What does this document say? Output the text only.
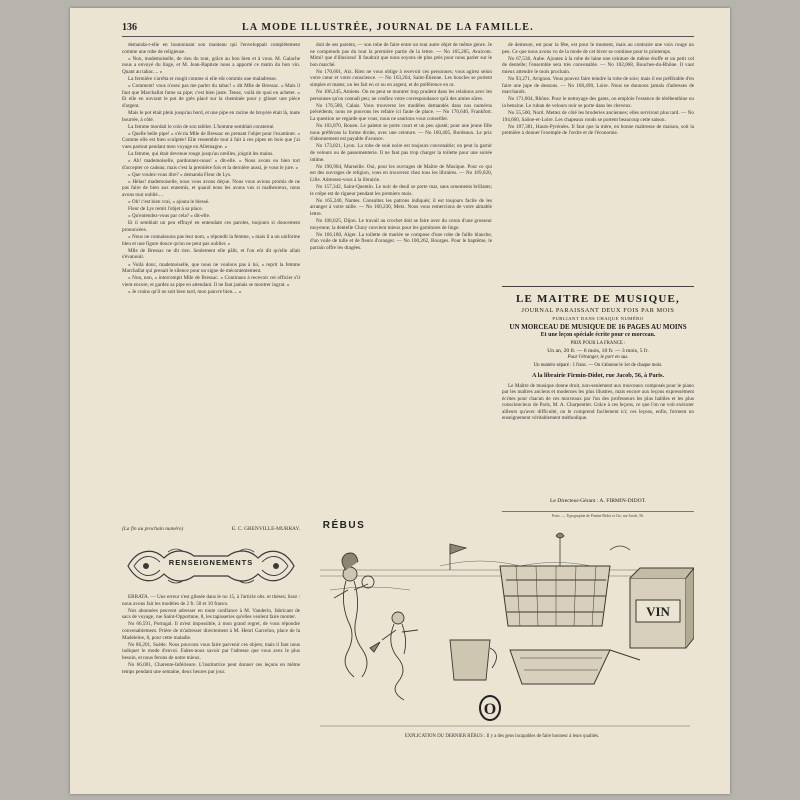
136	LA MODE ILLUSTRÉE, JOURNAL DE LA FAMILLE.

demanda-t-elle en boutonnant son manteau qui l'enveloppait complétement comme une robe de religieuse.

« Non, mademoiselle, de rien du tout, grâce au bon bien et à vous. M. Galache nous a envoyé du linge, et M. Jean-Baptiste nous a apporté ce matin du bon vin. Quant au tabac.... »

La fermière s'arrêta et rougit comme si elle eût commis une maladresse.

« Comment! vous n'osez pas me parler du tabac! » dit Mlle de Bressac. « Mais il faut que Marchallat fume sa pipe; c'est bien juste. Tenez, voilà de quoi en acheter. » Et elle en ouvrant le pot de grès placé sur la cheminée pour y glisser une pièce d'argent.

Mais le pot était plein jusqu'au bord, et une pipe en racine de bruyère était là, toute bourrée, à côté.

La femme mordait le coin de son tablier. L'homme semblait consterné.

« Quelle belle pipe! » s'écria Mlle de Bressac en prenant l'objet pour l'examiner. « Comme elle est bien sculptée! Elle ressemble tout à fait à ces pipes en bois que j'ai vues partout pendant mon voyage en Allemagne. »

La femme, qui était devenue rouge jusqu'au oreilles, joignit les mains.

« Ah! mademoiselle, pardonnez-nous! » dit-elle. « Nous avons eu bien tort d'accepter ce cadeau; mais c'est la première fois et la dernière aussi, je vous le jure. »

« Que voulez-vous dire? » demanda Fleur de Lys.

« Hélas! mademoiselle, nous vous avons déçue. Nous vous avions promis de ne pas faire de bien aux ennemis, et quand nous les avons vus si malheureux, nous avons tout oublié....

« Oh! c'est bien vrai, » ajouta le blessé.

Fleur de Lys remit l'objet à sa place.

« Qu'entendez-vous par cela? » dit-elle.

Et il semblait un peu effrayé en entendant ces paroles, toujours si doucement prononcées.

« Nous ne connaissons pas leur nom, » répondit la femme, « mais il a un uniforme bleu et une figure douce qu'on ne peut pas oublier. »

Mlle de Bressac ne dit rien. Seulement elle pâlit, et l'on eût dit qu'elle allait s'évanouir.

« Voilà donc, mademoiselle, que nous ne voulons pas à lui, » reprit la femme Marchallat qui prenait le silence pour un signe de mécontentement.

« Non, non, » interrompit Mlle de Bressac. « Continuez à recevoir cet officier s'il vient encore, et gardez sa pipe en attendant. Il ne faut jamais se montrer ingrat. »

« Je crains qu'il ne soit bien tard, mon pauvre bien.... »

(La fin au prochain numéro)	E. C. GRENVILLE-MURRAY.
RENSEIGNEMENTS

ERRATA. — Une erreur s'est glissée dans le no 15, à l'article obs. et thèses; lisez : nous avons fait les modèles de 2 fr. 50 et 10 francs.

Nos abonnées peuvent adresser en toute confiance à M. Vanderin, fabricant de sacs de voyage, rue Saint-Opportune, 8, les tapisseries qu'elles veulent faire monter.

No 66,591, Portugal. Il m'est impossible, à mon grand regret, de vous répondre convenablement. Prière de m'adresser directement à M. Henri Garcelon, place de la Madeleine, 8, pour cette maladie.

No 86,201, Suède. Nous pouvons vous faire parvenir ces objets; mais il faut nous indiquer le mode d'envoi. Faites-nous savoir par l'adresse que vous avez le plus besoin, et nous ferons de notre mieux.

No 66,001, Charente-Inférieure. L'institutrice peut donner ces leçons en même temps pendant une semaine, deux heures par jour.

doit de ses parents, — son robe de faire entre un tout autre objet de même genre. Je ne comprends pas du tout la première partie de la lettre. — No 165,205, Avaicom. Mimi! que d'illusions! Il faudrait que nous soyons de plus près pour nous parler sur le bon marché.

No 170,601, Aix. Rien ne vous oblige à recevoir ces personnes; vous agirez selon votre cœur et votre conscience. — No 163,204, Saint-Étienne. Les boucles se portent simples et mates; on les fait en or ou en argent, et de préférence en or.

No 106,245, Amiens. On ne peut se montrer trop prudent dans les relations avec les personnes qu'on connaît peu; ne confiez votre correspondance qu'à des amies sûres.

No 176,580, Calais. Vous trouverez les modèles demandés dans nos numéros précédents; nous ne pouvons les refaire ici faute de place. — No 170,640, Frankfort. La question ne regarde que vous; nous ne saurions vous conseiller.

No 103,870, Rouen. Le paletot se porte court et un peu ajusté; pour une jeune fille nous préférons la forme droite, avec une ceinture. — No 160,405, Bordeaux. Le prix d'abonnement est payable d'avance.

No 173,021, Lyon. La robe de soie noire est toujours convenable; on peut la garnir de velours ou de passementerie. Il ne faut pas trop charger la toilette pour une soirée intime.

No 190,904, Marseille. Oui, pour les ouvrages de Maître de Musique. Pour ce qui est des ouvrages de religion, vous en trouverez chez tous les libraires. — No 169,020, Lille. Adressez-vous à la librairie.

No 157,342, Saint-Quentin. Le noir de deuil se porte mat, sans ornements brillants; le crêpe est de rigueur pendant les premiers mois.

No 165,240, Nantes. Consultez les patrons indiqués; il est toujours facile de les arranger à votre taille. — No 160,230, Metz. Nous vous remercions de votre aimable lettre.

No 108,025, Dijon. Le travail au crochet doit se faire avec du coton d'une grosseur moyenne; la dentelle Cluny convient mieux pour les garnitures de linge.

No 166,180, Alger. La toilette de mariée se compose d'une robe de faille blanche, d'un voile de tulle et de fleurs d'oranger. — No 100,262, Bourges. Pour le baptême, le parrain offre les dragées.

de demeure, est pour la fête, est pour le moment, mais au contraire une voix rouge un peu. Ce que nous avons vu de la mode de cet hiver se continue pour le printemps.

No 67,536, Aube. Ajoutez à la robe de laine une ceinture de même étoffe et un petit col de dentelle; l'ensemble sera très convenable. — No 102,068, Bouches-du-Rhône. Il vaut mieux attendre le mois prochain.

No 93,271, Avignon. Vous pouvez faire teindre la robe de soie; mais il est préférable d'en faire une jupe de dessous. — No 168,490, Loire. Nous ne donnons jamais d'adresses de marchands.

No 171,004, Rhône. Pour le nettoyage des gants, on emploie l'essence de térébenthine ou la benzine. Le ruban de velours noir se porte dans les cheveux.

No 55,500, Nord. Mettez de côté les broderies anciennes; elles serviront plus tard. — No 194,660, Saône-et-Loire. Les chapeaux ronds se portent beaucoup cette saison.

No 107,381, Hauts-Pyrénées. Il faut que la mère, en bonne maîtresse de maison, soit la première à donner l'exemple de l'ordre et de l'économie.

LE MAITRE DE MUSIQUE,
JOURNAL PARAISSANT DEUX FOIS PAR MOIS
PUBLIANT DANS CHAQUE NUMÉRO
UN MORCEAU DE MUSIQUE DE 16 PAGES AU MOINS
Et une leçon spéciale écrite pour ce morceau.
PRIX POUR LA FRANCE :
Un an, 20 fr. — 6 mois, 10 fr. — 3 mois, 5 fr.
Pour l'étranger, le port en sus.
Un numéro séparé : 1 franc. — On s'abonne le 1er de chaque mois.
A la librairie Firmin-Didot, rue Jacob, 56, à Paris.
Le Maître de musique donne droit, non-seulement aux morceaux composés pour le piano par les maîtres anciens et modernes les plus illustres, mais encore aux leçons expressément écrites pour chacun de ces morceaux par l'un des professeurs les plus habiles et les plus consciencieux de Paris, M. A. Charpentier. Grâce à ces leçons, ce que l'on ne voit exécuter ailleurs qu'avec difficulté, on le comprend facilement ici; ces leçons, enfin, forment un enseignement véritablement méthodique.
Le Directeur-Gérant : A. FIRMIN-DIDOT.
Paris. — Typographie de Firmin-Didot et Cie, rue Jacob, 56.
RÉBUS
VIN
O
EXPLICATION DU DERNIER RÉBUS : Il y a des gens incapables de faire honneur à leurs qualités.
